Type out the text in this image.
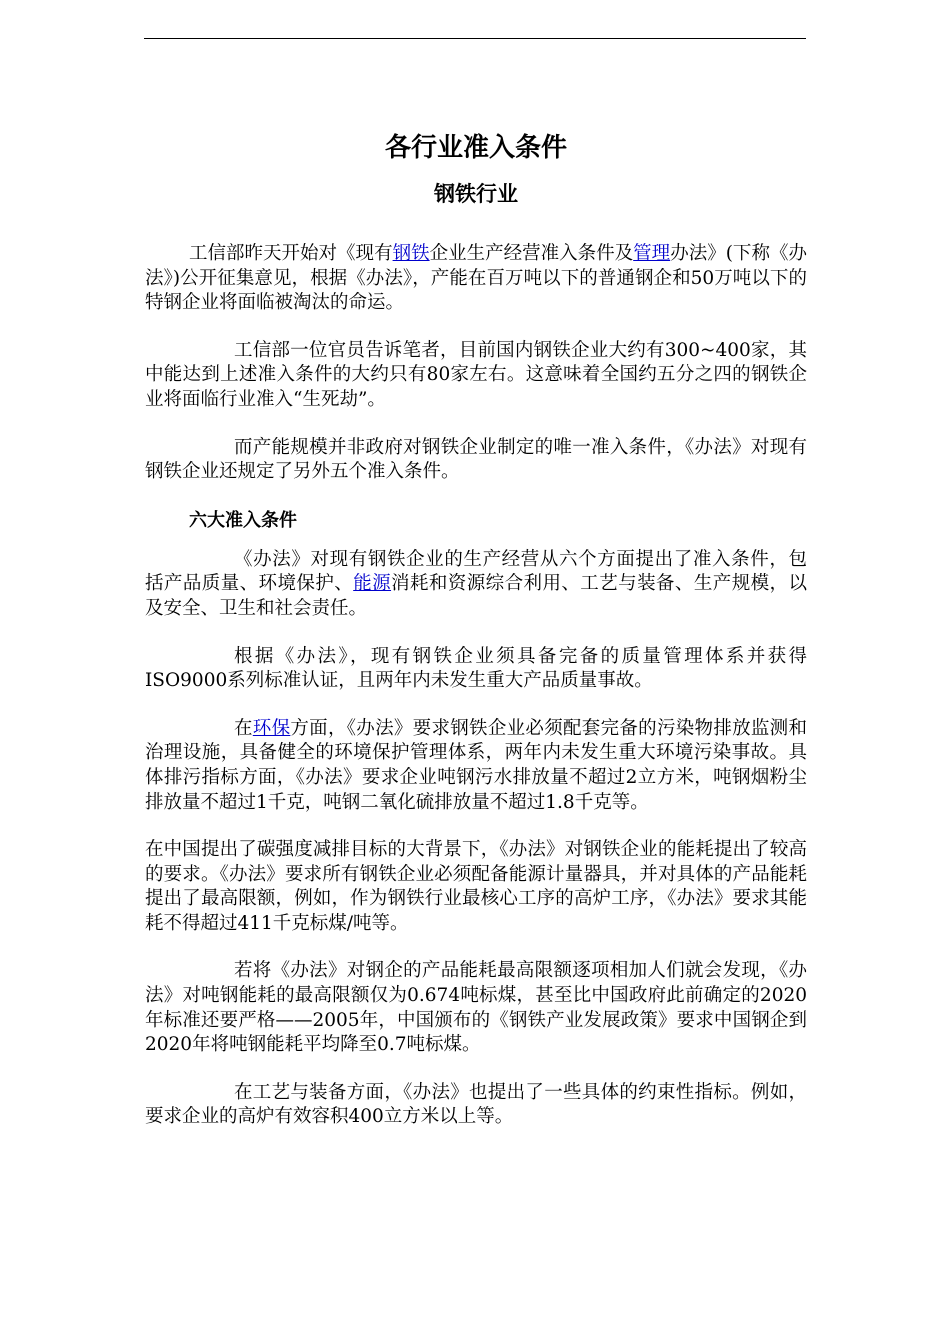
各行业准入条件
钢铁行业

工信部昨天开始对《现有钢铁企业生产经营准入条件及管理办法》(下称《办法》)公开征集意见，根据《办法》，产能在百万吨以下的普通钢企和50万吨以下的特钢企业将面临被淘汰的命运。

工信部一位官员告诉笔者，目前国内钢铁企业大约有300~400家，其中能达到上述准入条件的大约只有80家左右。这意味着全国约五分之四的钢铁企业将面临行业准入“生死劫”。

而产能规模并非政府对钢铁企业制定的唯一准入条件，《办法》对现有钢铁企业还规定了另外五个准入条件。

六大准入条件

《办法》对现有钢铁企业的生产经营从六个方面提出了准入条件，包括产品质量、环境保护、能源消耗和资源综合利用、工艺与装备、生产规模，以及安全、卫生和社会责任。

根据《办法》，现有钢铁企业须具备完备的质量管理体系并获得ISO9000系列标准认证，且两年内未发生重大产品质量事故。

在环保方面，《办法》要求钢铁企业必须配套完备的污染物排放监测和治理设施，具备健全的环境保护管理体系，两年内未发生重大环境污染事故。具体排污指标方面，《办法》要求企业吨钢污水排放量不超过2立方米，吨钢烟粉尘排放量不超过1千克，吨钢二氧化硫排放量不超过1.8千克等。

在中国提出了碳强度减排目标的大背景下，《办法》对钢铁企业的能耗提出了较高的要求。《办法》要求所有钢铁企业必须配备能源计量器具，并对具体的产品能耗提出了最高限额，例如，作为钢铁行业最核心工序的高炉工序，《办法》要求其能耗不得超过411千克标煤/吨等。

若将《办法》对钢企的产品能耗最高限额逐项相加人们就会发现，《办法》对吨钢能耗的最高限额仅为0.674吨标煤，甚至比中国政府此前确定的2020年标准还要严格——2005年，中国颁布的《钢铁产业发展政策》要求中国钢企到2020年将吨钢能耗平均降至0.7吨标煤。

在工艺与装备方面，《办法》也提出了一些具体的约束性指标。例如，要求企业的高炉有效容积400立方米以上等。
